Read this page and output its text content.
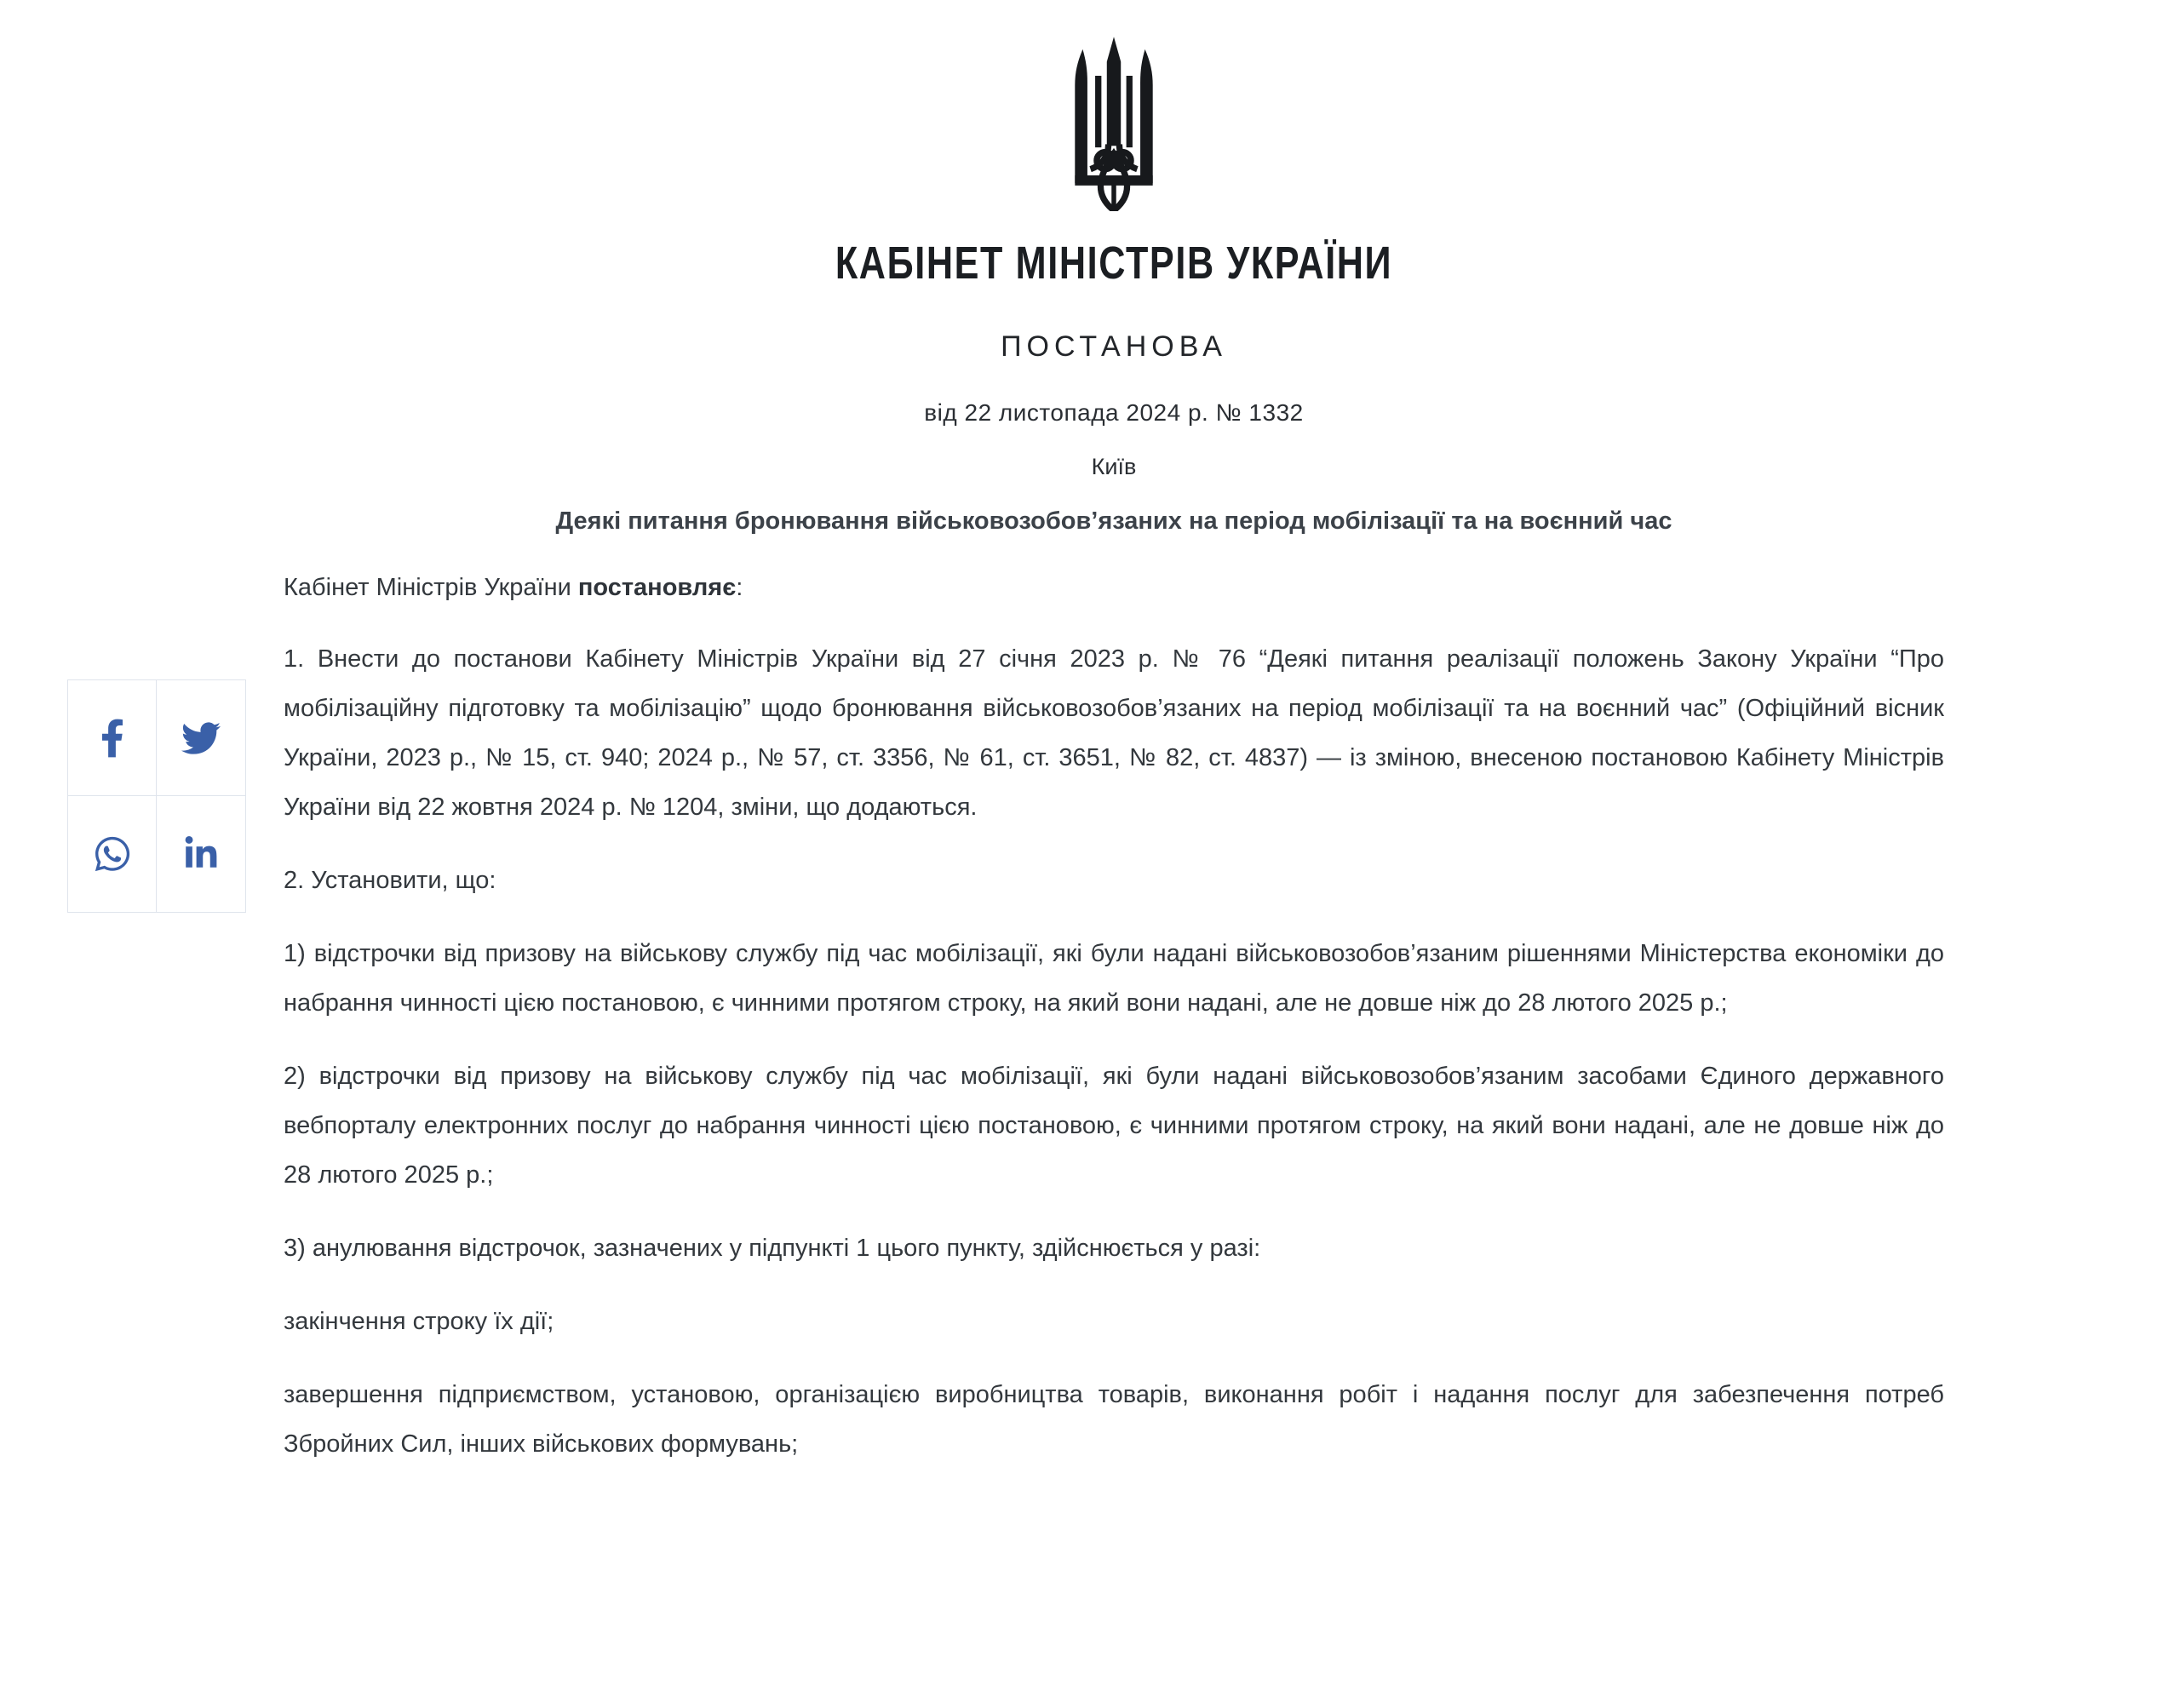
КАБІНЕТ МІНІСТРІВ УКРАЇНИ
ПОСТАНОВА
від 22 листопада 2024 р. № 1332
Київ
Деякі питання бронювання військовозобов’язаних на період мобілізації та на воєнний час

Кабінет Міністрів України постановляє:

1. Внести до постанови Кабінету Міністрів України від 27 січня 2023 р. № 76 “Деякі питання реалізації положень Закону України “Про мобілізаційну підготовку та мобілізацію” щодо бронювання військовозобов’язаних на період мобілізації та на воєнний час” (Офіційний вісник України, 2023 р., № 15, ст. 940; 2024 р., № 57, ст. 3356, № 61, ст. 3651, № 82, ст. 4837) — із зміною, внесеною постановою Кабінету Міністрів України від 22 жовтня 2024 р. № 1204, зміни, що додаються.

2. Установити, що:

1) відстрочки від призову на військову службу під час мобілізації, які були надані військовозобов’язаним рішеннями Міністерства економіки до набрання чинності цією постановою, є чинними протягом строку, на який вони надані, але не довше ніж до 28 лютого 2025 р.;

2) відстрочки від призову на військову службу під час мобілізації, які були надані військовозобов’язаним засобами Єдиного державного вебпорталу електронних послуг до набрання чинності цією постановою, є чинними протягом строку, на який вони надані, але не довше ніж до 28 лютого 2025 р.;

3) анулювання відстрочок, зазначених у підпункті 1 цього пункту, здійснюється у разі:

закінчення строку їх дії;

завершення підприємством, установою, організацією виробництва товарів, виконання робіт і надання послуг для забезпечення потреб Збройних Сил, інших військових формувань;
